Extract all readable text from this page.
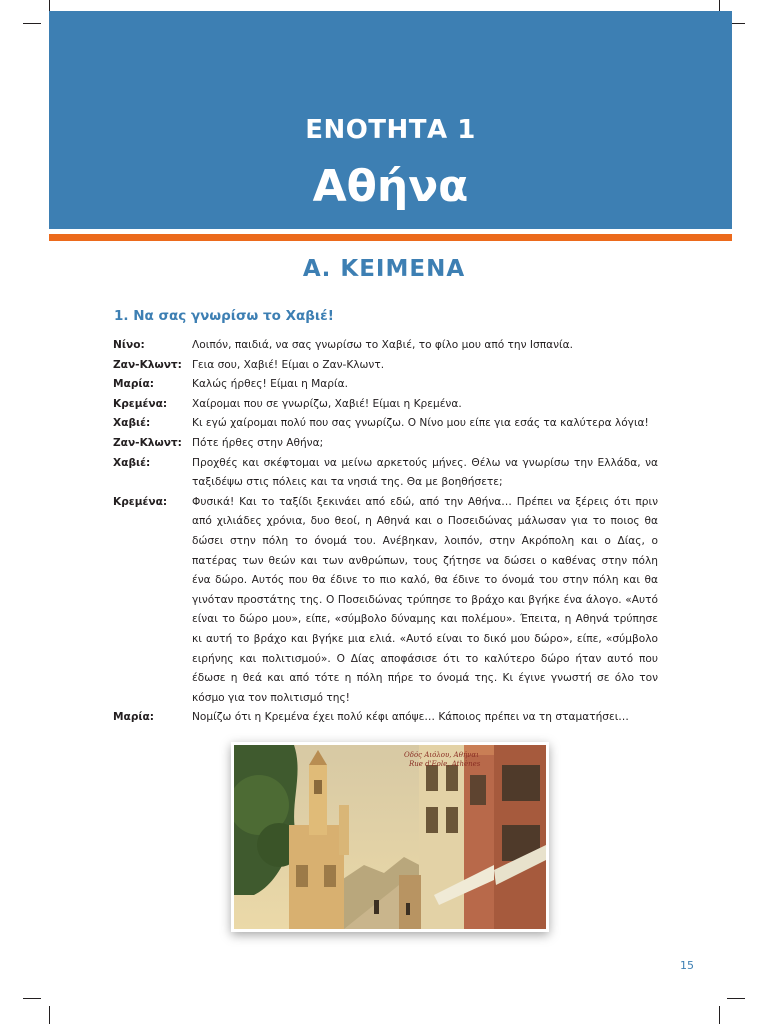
ΕΝΟΤΗΤΑ 1
Αθήνα
Α. ΚΕΙΜΕΝΑ
1. Να σας γνωρίσω το Χαβιέ!
Νίνο:	Λοιπόν, παιδιά, να σας γνωρίσω το Χαβιέ, το φίλο μου από την Ισπανία.
Ζαν-Κλωντ: Γεια σου, Χαβιέ! Είμαι ο Ζαν-Κλωντ.
Μαρία:	Καλώς ήρθες! Είμαι η Μαρία.
Κρεμένα:	Χαίρομαι που σε γνωρίζω, Χαβιέ! Είμαι η Κρεμένα.
Χαβιέ:	Κι εγώ χαίρομαι πολύ που σας γνωρίζω. Ο Νίνο μου είπε για εσάς τα καλύτερα λόγια!
Ζαν-Κλωντ: Πότε ήρθες στην Αθήνα;
Χαβιέ:	Προχθές και σκέφτομαι να μείνω αρκετούς μήνες. Θέλω να γνωρίσω την Ελλάδα, να ταξιδέψω στις πόλεις και τα νησιά της. Θα με βοηθήσετε;
Κρεμένα:	Φυσικά! Και το ταξίδι ξεκινάει από εδώ, από την Αθήνα… Πρέπει να ξέρεις ότι πριν από χιλιάδες χρόνια, δυο θεοί, η Αθηνά και ο Ποσειδώνας μάλωσαν για το ποιος θα δώσει στην πόλη το όνομά του. Ανέβηκαν, λοιπόν, στην Ακρόπολη και ο Δίας, ο πατέρας των θεών και των ανθρώπων, τους ζήτησε να δώσει ο καθένας στην πόλη ένα δώρο. Αυτός που θα έδινε το πιο καλό, θα έδινε το όνομά του στην πόλη και θα γινόταν προστάτης της. Ο Ποσειδώνας τρύπησε το βράχο και βγήκε ένα άλογο. «Αυτό είναι το δώρο μου», είπε, «σύμβολο δύναμης και πολέμου». Έπειτα, η Αθηνά τρύπησε κι αυτή το βράχο και βγήκε μια ελιά. «Αυτό είναι το δικό μου δώρο», είπε, «σύμβολο ειρήνης και πολιτισμού». Ο Δίας αποφάσισε ότι το καλύτερο δώρο ήταν αυτό που έδωσε η θεά και από τότε η πόλη πήρε το όνομά της. Κι έγινε γνωστή σε όλο τον κόσμο για τον πολιτισμό της!
Μαρία:	Νομίζω ότι η Κρεμένα έχει πολύ κέφι απόψε… Κάποιος πρέπει να τη σταματήσει…
Οδός Αιόλου, Αθήναι
Rue d'Eole, Athènes
15
